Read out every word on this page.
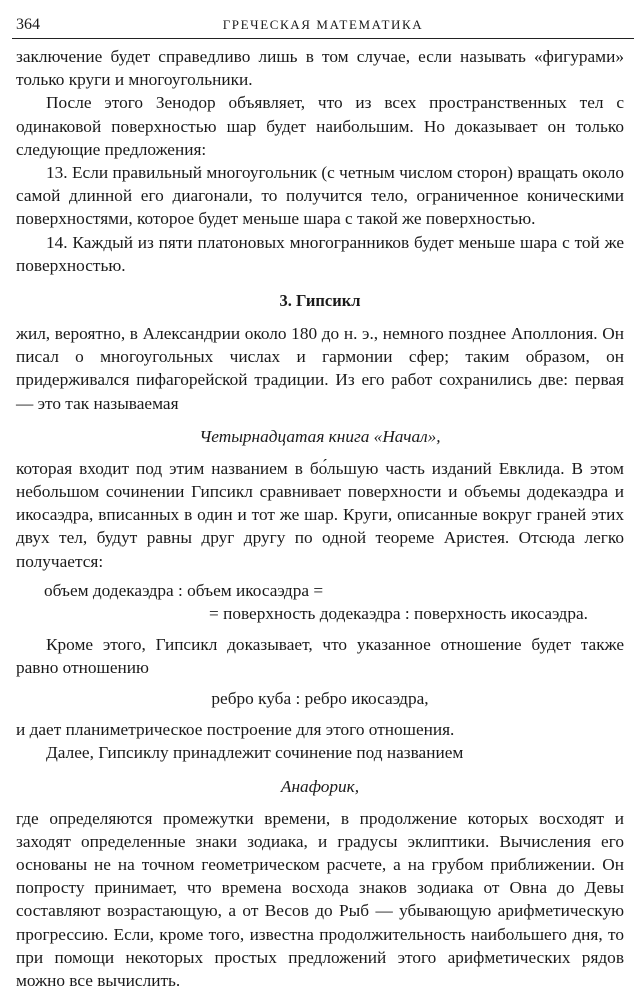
364	ГРЕЧЕСКАЯ МАТЕМАТИКА

заключение будет справедливо лишь в том случае, если называть «фигурами» только круги и многоугольники.

После этого Зенодор объявляет, что из всех пространственных тел с одинаковой поверхностью шар будет наибольшим. Но доказывает он только следующие предложения:

13. Если правильный многоугольник (с четным числом сторон) вращать около самой длинной его диагонали, то получится тело, ограниченное коническими поверхностями, которое будет меньше шара с такой же поверхностью.

14. Каждый из пяти платоновых многогранников будет меньше шара с той же поверхностью.

3. Гипсикл

жил, вероятно, в Александрии около 180 до н. э., немного позднее Аполлония. Он писал о многоугольных числах и гармонии сфер; таким образом, он придерживался пифагорейской традиции. Из его работ сохранились две: первая — это так называемая

Четырнадцатая книга «Начал»,

которая входит под этим названием в бо́льшую часть изданий Евклида. В этом небольшом сочинении Гипсикл сравнивает поверхности и объемы додекаэдра и икосаэдра, вписанных в один и тот же шар. Круги, описанные вокруг граней этих двух тел, будут равны друг другу по одной теореме Аристея. Отсюда легко получается:

объем додекаэдра : объем икосаэдра =
= поверхность додекаэдра : поверхность икосаэдра.

Кроме этого, Гипсикл доказывает, что указанное отношение будет также равно отношению

ребро куба : ребро икосаэдра,

и дает планиметрическое построение для этого отношения.

Далее, Гипсиклу принадлежит сочинение под названием

Анафорик,

где определяются промежутки времени, в продолжение которых восходят и заходят определенные знаки зодиака, и градусы эклиптики. Вычисления его основаны не на точном геометрическом расчете, а на грубом приближении. Он попросту принимает, что времена восхода знаков зодиака от Овна до Девы составляют возрастающую, а от Весов до Рыб — убывающую арифметическую прогрессию. Если, кроме того, известна продолжительность наибольшего дня, то при помощи некоторых простых предложений этого арифметических рядов можно все вычислить.
